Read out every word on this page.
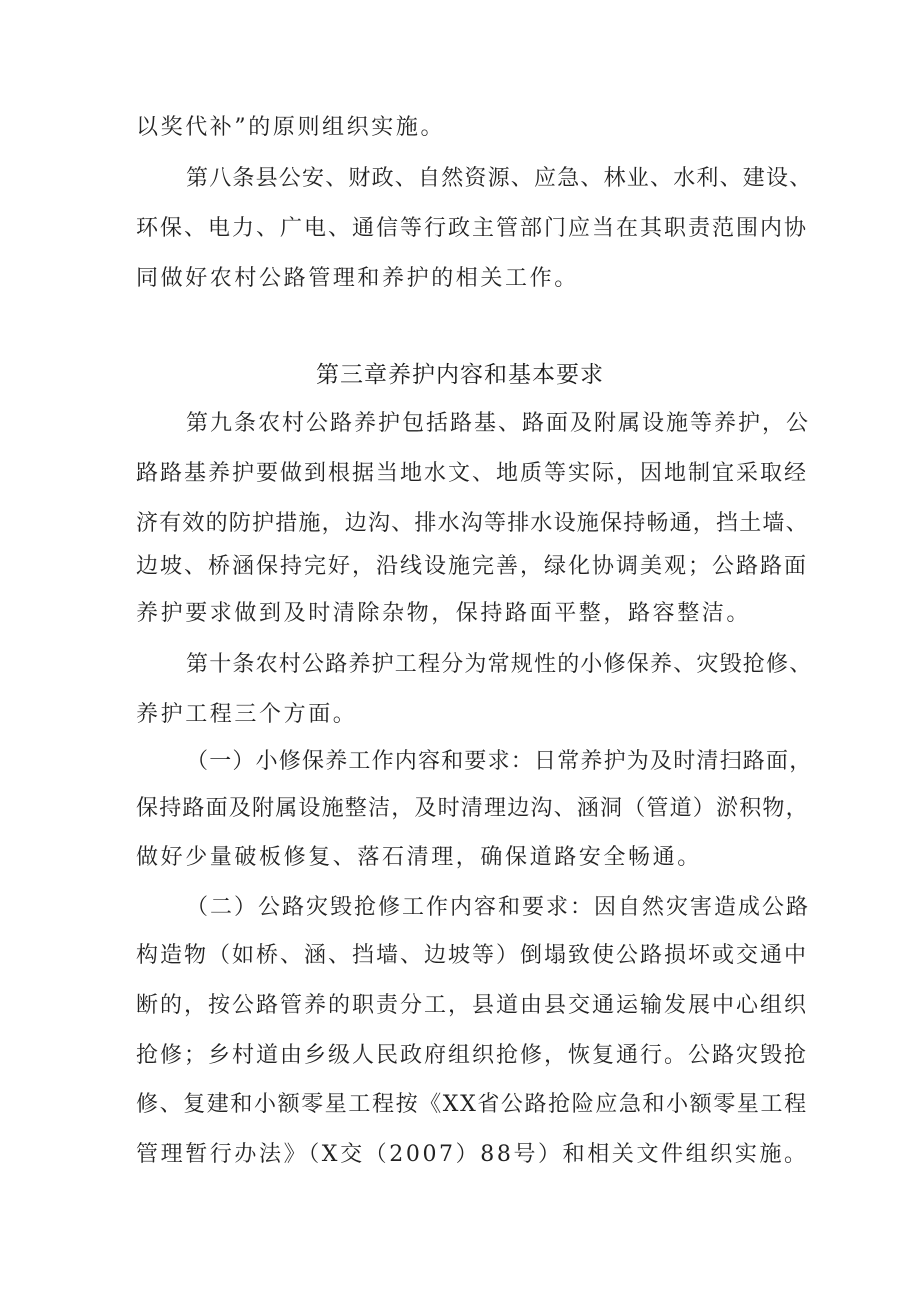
以奖代补”的原则组织实施。
第八条县公安、财政、自然资源、应急、林业、水利、建设、
环保、电力、广电、通信等行政主管部门应当在其职责范围内协
同做好农村公路管理和养护的相关工作。
第三章养护内容和基本要求
第九条农村公路养护包括路基、路面及附属设施等养护，公
路路基养护要做到根据当地水文、地质等实际，因地制宜采取经
济有效的防护措施，边沟、排水沟等排水设施保持畅通，挡土墙、
边坡、桥涵保持完好，沿线设施完善，绿化协调美观；公路路面
养护要求做到及时清除杂物，保持路面平整，路容整洁。
第十条农村公路养护工程分为常规性的小修保养、灾毁抢修、
养护工程三个方面。
（一）小修保养工作内容和要求：日常养护为及时清扫路面，
保持路面及附属设施整洁，及时清理边沟、涵洞（管道）淤积物，
做好少量破板修复、落石清理，确保道路安全畅通。
（二）公路灾毁抢修工作内容和要求：因自然灾害造成公路
构造物（如桥、涵、挡墙、边坡等）倒塌致使公路损坏或交通中
断的，按公路管养的职责分工，县道由县交通运输发展中心组织
抢修；乡村道由乡级人民政府组织抢修，恢复通行。公路灾毁抢
修、复建和小额零星工程按《XX省公路抢险应急和小额零星工程
管理暂行办法》（X交（2007）88号）和相关文件组织实施。
